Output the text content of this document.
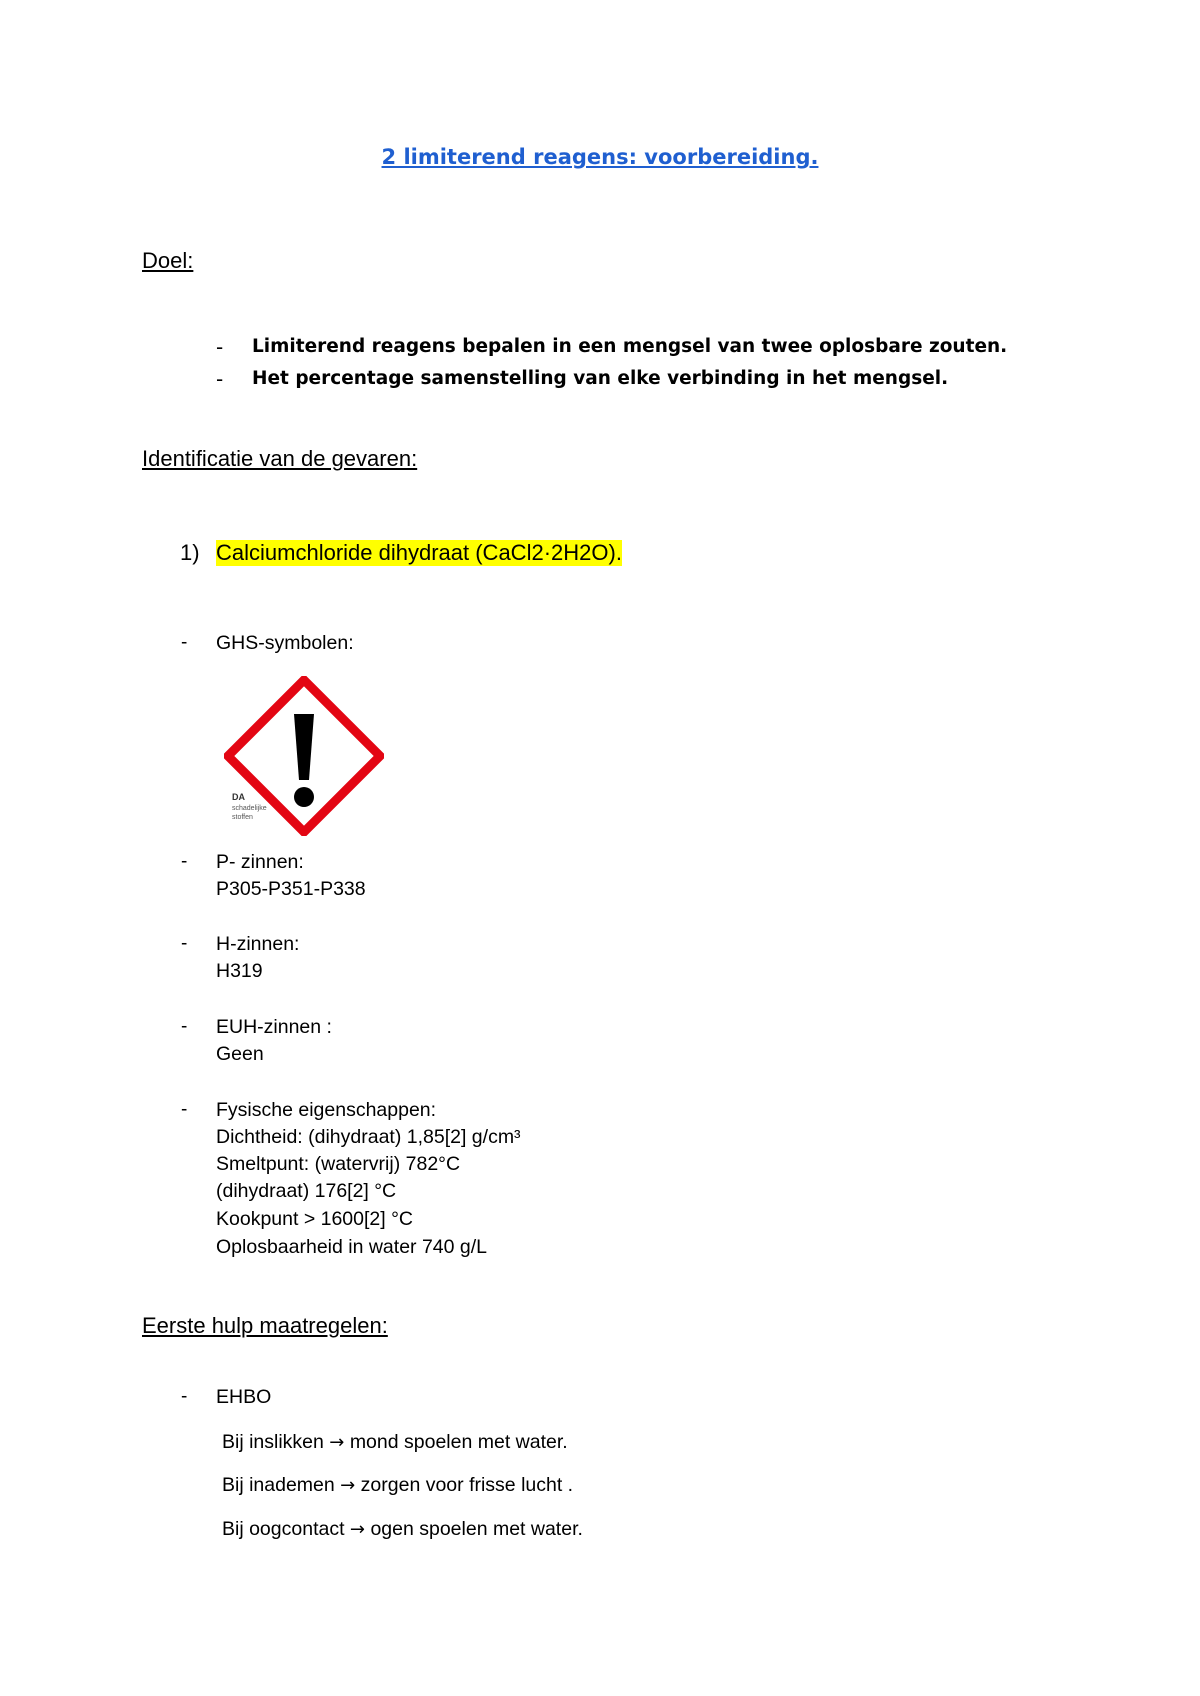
2 limiterend reagens: voorbereiding.
Doel:
- Limiterend reagens bepalen in een mengsel van twee oplosbare zouten.
- Het percentage samenstelling van elke verbinding in het mengsel.
Identificatie van de gevaren:
1) Calciumchloride dihydraat (CaCl2·2H2O).
- GHS-symbolen:
DA
schadelijke
stoffen
- P- zinnen:
P305-P351-P338
- H-zinnen:
H319
- EUH-zinnen :
Geen
- Fysische eigenschappen:
Dichtheid: (dihydraat) 1,85[2] g/cm³
Smeltpunt: (watervrij) 782°C
(dihydraat) 176[2] °C
Kookpunt > 1600[2] °C
Oplosbaarheid in water 740 g/L
Eerste hulp maatregelen:
- EHBO
Bij inslikken → mond spoelen met water.
Bij inademen → zorgen voor frisse lucht .
Bij oogcontact → ogen spoelen met water.
